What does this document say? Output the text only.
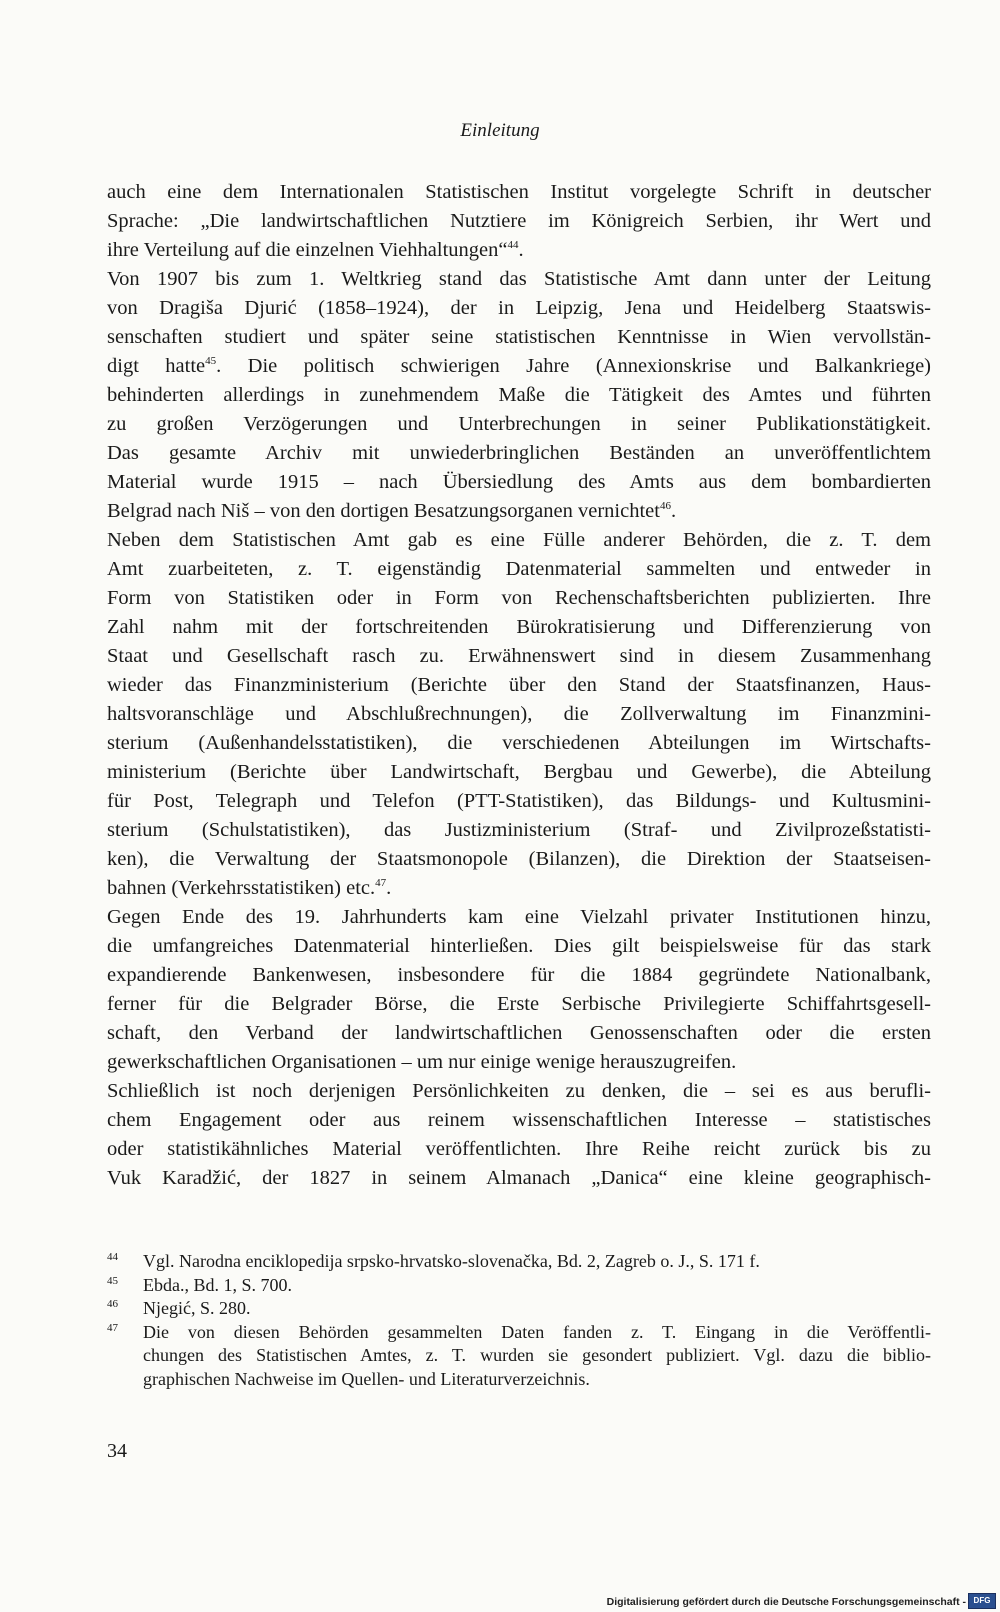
Einleitung
auch eine dem Internationalen Statistischen Institut vorgelegte Schrift in deutscher
Sprache: „Die landwirtschaftlichen Nutztiere im Königreich Serbien, ihr Wert und
ihre Verteilung auf die einzelnen Viehhaltungen“$^{44}$.
Von 1907 bis zum 1. Weltkrieg stand das Statistische Amt dann unter der Leitung
von Dragiša Djurić (1858–1924), der in Leipzig, Jena und Heidelberg Staatswis-
senschaften studiert und später seine statistischen Kenntnisse in Wien vervollstän-
digt hatte$^{45}$. Die politisch schwierigen Jahre (Annexionskrise und Balkankriege)
behinderten allerdings in zunehmendem Maße die Tätigkeit des Amtes und führten
zu großen Verzögerungen und Unterbrechungen in seiner Publikationstätigkeit.
Das gesamte Archiv mit unwiederbringlichen Beständen an unveröffentlichtem
Material wurde 1915 – nach Übersiedlung des Amts aus dem bombardierten
Belgrad nach Niš – von den dortigen Besatzungsorganen vernichtet$^{46}$.
Neben dem Statistischen Amt gab es eine Fülle anderer Behörden, die z. T. dem
Amt zuarbeiteten, z. T. eigenständig Datenmaterial sammelten und entweder in
Form von Statistiken oder in Form von Rechenschaftsberichten publizierten. Ihre
Zahl nahm mit der fortschreitenden Bürokratisierung und Differenzierung von
Staat und Gesellschaft rasch zu. Erwähnenswert sind in diesem Zusammenhang
wieder das Finanzministerium (Berichte über den Stand der Staatsfinanzen, Haus-
haltsvoranschläge und Abschlußrechnungen), die Zollverwaltung im Finanzmini-
sterium (Außenhandelsstatistiken), die verschiedenen Abteilungen im Wirtschafts-
ministerium (Berichte über Landwirtschaft, Bergbau und Gewerbe), die Abteilung
für Post, Telegraph und Telefon (PTT-Statistiken), das Bildungs- und Kultusmini-
sterium (Schulstatistiken), das Justizministerium (Straf- und Zivilprozeßstatisti-
ken), die Verwaltung der Staatsmonopole (Bilanzen), die Direktion der Staatseisen-
bahnen (Verkehrsstatistiken) etc.$^{47}$.
Gegen Ende des 19. Jahrhunderts kam eine Vielzahl privater Institutionen hinzu,
die umfangreiches Datenmaterial hinterließen. Dies gilt beispielsweise für das stark
expandierende Bankenwesen, insbesondere für die 1884 gegründete Nationalbank,
ferner für die Belgrader Börse, die Erste Serbische Privilegierte Schiffahrtsgesell-
schaft, den Verband der landwirtschaftlichen Genossenschaften oder die ersten
gewerkschaftlichen Organisationen – um nur einige wenige herauszugreifen.
Schließlich ist noch derjenigen Persönlichkeiten zu denken, die – sei es aus berufli-
chem Engagement oder aus reinem wissenschaftlichen Interesse – statistisches
oder statistikähnliches Material veröffentlichten. Ihre Reihe reicht zurück bis zu
Vuk Karadžić, der 1827 in seinem Almanach „Danica“ eine kleine geographisch-
44 Vgl. Narodna enciklopedija srpsko-hrvatsko-slovenačka, Bd. 2, Zagreb o. J., S. 171 f.
45 Ebda., Bd. 1, S. 700.
46 Njegić, S. 280.
47 Die von diesen Behörden gesammelten Daten fanden z. T. Eingang in die Veröffentli-
chungen des Statistischen Amtes, z. T. wurden sie gesondert publiziert. Vgl. dazu die biblio-
graphischen Nachweise im Quellen- und Literaturverzeichnis.
34
Digitalisierung gefördert durch die Deutsche Forschungsgemeinschaft - DFG
